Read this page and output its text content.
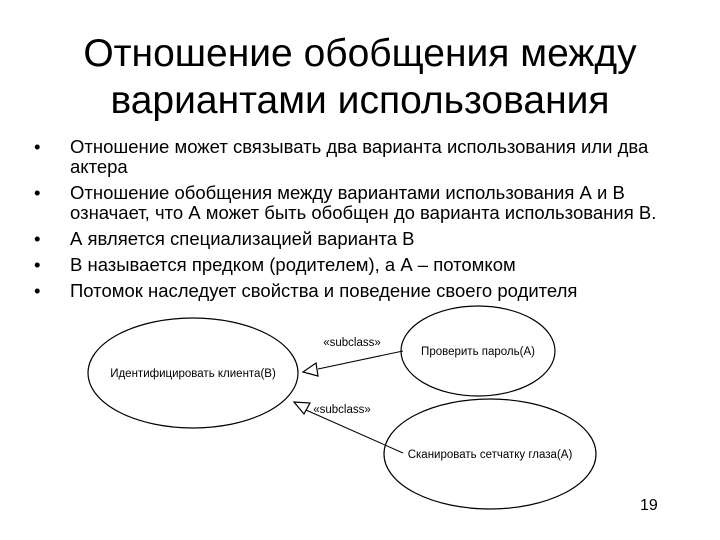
Отношение обобщения между вариантами использования
• Отношение может связывать два варианта использования или два актера
• Отношение обобщения между вариантами использования А и В означает, что А может быть обобщен до варианта использования В.
• А является специализацией варианта В
• В называется предком (родителем), а А – потомком
• Потомок наследует свойства и поведение своего родителя
Идентифицировать клиента(В)
Проверить пароль(А)
Сканировать сетчатку глаза(А)
«subclass»
«subclass»
19
